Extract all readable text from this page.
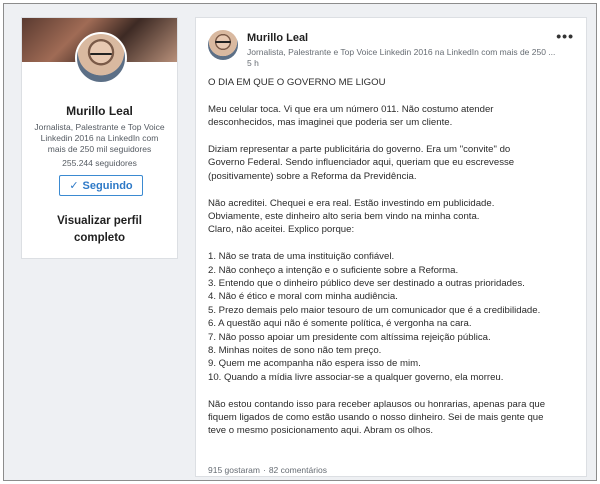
Murillo Leal
Jornalista, Palestrante e Top Voice Linkedin 2016 na LinkedIn com mais de 250 mil seguidores
255.244 seguidores
✓ Seguindo
Visualizar perfil
completo
Murillo Leal
Jornalista, Palestrante e Top Voice Linkedin 2016 na LinkedIn com mais de 250 ...
5 h
•••

O DIA EM QUE O GOVERNO ME LIGOU

Meu celular toca. Vi que era um número 011. Não costumo atender
desconhecidos, mas imaginei que poderia ser um cliente.

Diziam representar a parte publicitária do governo. Era um "convite" do
Governo Federal. Sendo influenciador aqui, queriam que eu escrevesse
(positivamente) sobre a Reforma da Previdência.

Não acreditei. Chequei e era real. Estão investindo em publicidade.
Obviamente, este dinheiro alto seria bem vindo na minha conta.
Claro, não aceitei. Explico porque:

1. Não se trata de uma instituição confiável.
2. Não conheço a intenção e o suficiente sobre a Reforma.
3. Entendo que o dinheiro público deve ser destinado a outras prioridades.
4. Não é ético e moral com minha audiência.
5. Prezo demais pelo maior tesouro de um comunicador que é a credibilidade.
6. A questão aqui não é somente política, é vergonha na cara.
7. Não posso apoiar um presidente com altíssima rejeição pública.
8. Minhas noites de sono não tem preço.
9. Quem me acompanha não espera isso de mim.
10. Quando a mídia livre associar-se a qualquer governo, ela morreu.

Não estou contando isso para receber aplausos ou honrarias, apenas para que
fiquem ligados de como estão usando o nosso dinheiro. Sei de mais gente que
teve o mesmo posicionamento aqui. Abram os olhos.

915 gostaram · 82 comentários
